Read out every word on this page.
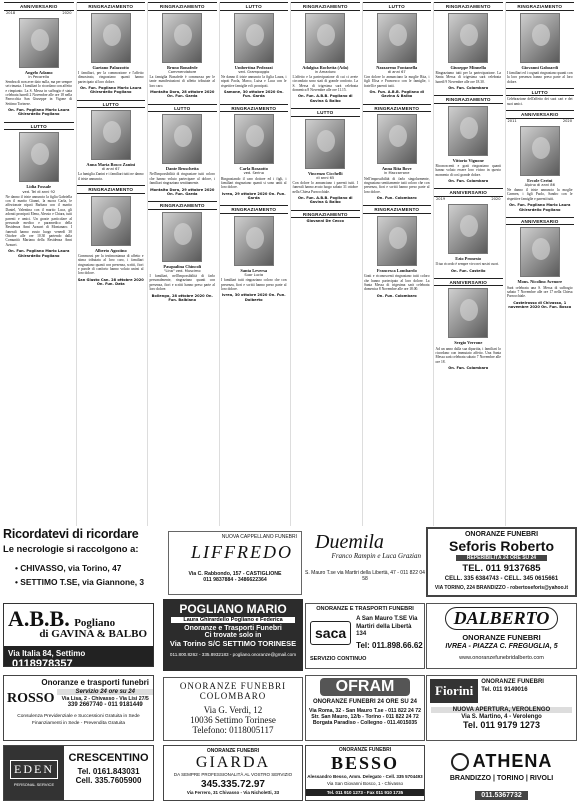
ANNIVERSARIO
2018	2020
Angelo Adamo
in Pecorella
Sembra di non aver dato nulla, ma per sempre sei rimasta. I familiari lo ricordano con affetto e rimpianto. La S. Messa in suffragio è stata celebrata lunedì 2 Novembre alle ore 18 nella Parrocchia San Giuseppe in Vigone di Settimo Torinese.
On. Fun. Pogliano Mario Laura Ghirardello Pogliano
LUTTO
Lidia Fossale
ved. Tel di anni 92
Ne danno il triste annuncio la figlia Gabriella con il marito Gianni, la nuora Carla, le affezionate nipoti Barbara con il marito Daniel, Valentina con il marito Luca, gli adorati pronipoti Elena, Alessio e Chiara, tutti parenti e amici. Un grazie particolare al personale medico e paramedico della Residenza Anni Azzurri di Montanaro. I funerali hanno avuto luogo venerdì 30 Ottobre alle ore 10.30 partendo dalla Comunità Mariana della Residenza Anni Azzurri.
On. Fun. Pogliano Mario Laura Ghirardello Pogliano
RINGRAZIAMENTO
Gaetano Palazzotto
I familiari, per la commozione e l'affetto dimostrato, ringraziano quanti hanno partecipato al loro dolore.
On. Fun. Pogliano Mario Laura Ghirardello Pogliano
LUTTO
Anna Maria Bosco Zanini
di anni 67
La famiglia Zanini e i familiari tutti ne danno il triste annuncio.
RINGRAZIAMENTO
Alberto Agostino
Commossi per la testimonianza di affetto e stima tributata al loro caro, i familiari ringraziano quanti con presenza, scritti, fiori e parole di conforto hanno voluto unirsi al loro dolore.
San Giusto Can. 28 ottobre 2020 On. Fun. Data
RINGRAZIAMENTO
Bruno Bonafede
Commendatore
La famiglia Bonafede è commossa per le tante manifestazioni di affetto tributate al loro caro.
Montalto Dora, 28 ottobre 2020 On. Fun. Garda
LUTTO
Dante Bruschetta
Nell'impossibilità di ringraziare tutti coloro che hanno voluto partecipare al dolore, i familiari ringraziano sentitamente.
Montalto Dora, 29 ottobre 2020 On. Fun. Garda
RINGRAZIAMENTO
Pasqualina Chincoli
"Lina" ved. Muscimo
I familiari, nell'impossibilità di farlo personalmente, ringraziano quanti con presenza, fiori e scritti hanno preso parte al loro dolore.
Bollengo, 28 ottobre 2020 On. Fun. Balbiano
LUTTO
Umbertina Pedrazzi
ved. Grampoggio
Ne danno il triste annuncio la figlia Laura, i nipoti Paola, Marco, Luisa e Luca con le rispettive famiglie ed i pronipoti.
Samone, 30 ottobre 2020 On. Fun. Garda
RINGRAZIAMENTO
Carla Rosaotto
ved. Serino
Ringraziando il caro dottore ed i figli, i familiari ringraziano quanti si sono uniti al loro dolore.
Ivrea, 29 ottobre 2020 On. Fun. Garda
RINGRAZIAMENTO
Santa Leversa
Suor Lucia
I familiari tutti ringraziano coloro che con presenza, fiori e scritti hanno preso parte al loro dolore.
Ivrea, 30 ottobre 2020 On. Fun. Dolberto
RINGRAZIAMENTO
Adalgisa Rochetta (Ada)
in Amaduro
L'affetto e la partecipazione di cui ci avete circondato sono stati di grande conforto. La S. Messa di trigesima sarà celebrata domenica 8 Novembre alle ore 11.15.
On. Fun. A.B.B. Pogliano di Gavina & Balbo
LUTTO
Vincenzo Cicchelli
di anni 65
Con dolore lo annunciano i parenti tutti. I funerali hanno avuto luogo sabato 31 ottobre nella Chiesa Parrocchiale.
On. Fun. A.B.B. Pogliano di Gavina & Balbo
RINGRAZIAMENTO
Giovanni De Cecco
LUTTO
Nazzareno Fontanella
di anni 67
Con dolore lo annunciano la moglie Rita, i figli Elisa e Francesco con le famiglie, i fratelli e parenti tutti.
On. Fun. A.B.B. Pogliano di Gavina & Balbo
RINGRAZIAMENTO
Anna Rita Bove
in Maccarrone
Nell'impossibilità di farlo singolarmente, ringraziano sentitamente tutti coloro che con presenza, fiori e scritti hanno preso parte al loro dolore.
On. Fun. Colombaro
RINGRAZIAMENTO
Francesca Lombardo
Grati e riconoscenti ringraziano tutti coloro che hanno partecipato al loro dolore. La Santa Messa di trigesima sarà celebrata domenica 8 Novembre alle ore 18.00.
On. Fun. Colombaro
RINGRAZIAMENTO
Giuseppe Minnella
Ringraziamo tutti per la partecipazione. La Santa Messa di trigesima sarà celebrata lunedì 9 Novembre alle ore 18.30.
On. Fun. Colombaro
RINGRAZIAMENTO
Vittorio Vignone
Riconoscenti e grati ringraziano quanti hanno voluto essere loro vicino in questo momento di così grande dolore.
On. Fun. Colombaro
ANNIVERSARIO
2019	2020
Ezio Pronesto
Il tuo ricordo è sempre vivo nei nostri cuori.
On. Fun. Castello
ANNIVERSARIO
Sergio Verrone
Ad un anno dalla sua dipartita, i familiari lo ricordano con immutato affetto. Una Santa Messa sarà celebrata sabato 7 Novembre alle ore 18.
On. Fun. Colombaro
RINGRAZIAMENTO
Giovanni Gaboardi
I familiari ed i cognati ringraziano quanti con la loro presenza hanno preso parte al loro dolore.
LUTTO
Celebrazione dell'affetto dei suoi cari e dei suoi amici.
ANNIVERSARIO
2011	2020
Ercole Cerini
Alpino di anni 86
Ne danno il triste annuncio la moglie Carmen, i figli Paolo, Sandro con le rispettive famiglie e parenti tutti.
On. Fun. Pogliano Mario Laura Ghirardello Pogliano
ANNIVERSARIO
Mons. Nicolino Avenore
Sarà celebrata una S. Messa di suffragio sabato 7 Novembre alle ore 17 nella Chiesa Parrocchiale.
Castelrosso di Chivasso, 1 novembre 2020 On. Fun. Bosco
Ricordatevi di ricordare
Le necrologie si raccolgono a:
• CHIVASSO, via Torino, 47
• SETTIMO T.SE, via Giannone, 3
NUOVA CAPPELLANO FUNEBRI
LIFFREDO
Via C. Rabbondo, 157 - CASTIGLIONE
011 9837884 - 3486622364
Duemila
Franco Rampin e Luca Grazian
S. Mauro T.se via Martiri della Libertà, 47 - 011 822 04 58
ONORANZE FUNEBRI
Seforis Roberto
REPERIBILITÀ 24 ORE SU 24
TEL. 011 9137685
CELL. 335 6384743 - CELL. 345 0615661
VIA TORINO, 224 BRANDIZZO - robertoseforis@yahoo.it
A.B.B. Pogliano
di GAVINA & BALBO
Via Italia 84, Settimo 0118978357
POGLIANO MARIO
Laura Ghirardello Pogliano e Federica
Onoranze e Trasporti Funebri
Ci trovate solo in
Via Torino S/C SETTIMO TORINESE
011.800.8262 - 335.8932183 - pogliano.onoranze@gmail.com
ONORANZE E TRASPORTI FUNEBRI
saca
A San Mauro T.SE Via Martiri della Libertà 134
Tel: 011.898.66.62
SERVIZIO CONTINUO
DALBERTO
ONORANZE FUNEBRI
IVREA - PIAZZA C. FREGUGLIA, 5
www.onoranzefunebridalberto.com
Onoranze e trasporti funebri
ROSSO	Servizio 24 ore su 24
Via Lisa, 2 - Chivasso - Via Lisi 27/5
339 2667740 - 011 9181449
Consulenza Previdenziale e Successioni Gratuita in Sede
Finanziamenti in Sede - Prevendita Gratuita
ONORANZE FUNEBRI
COLOMBARO
Via G. Verdi, 12
10036 Settimo Torinese
Telefono: 0118005117
OFRAM
ONORANZE FUNEBRI 24 ORE SU 24
Via Roma, 32 - San Mauro T.se - 011 822 24 72
Str. San Mauro, 12/b - Torino - 011 822 24 72
Borgata Paradiso - Collegno - 011.4015035
Fiorini
ONORANZE FUNEBRI
Tel. 011 9149016
NUOVA APERTURA, VEROLENGO
Via S. Martino, 4 - Verolengo
Tel. 011 9179 1273
EDEN
PERSONAL SERVICE
CRESCENTINO
Tel. 0161.843031
Cell. 335.7605900
ONORANZE FUNEBRI
GIARDA
DA SEMPRE PROFESSIONALITÀ AL VOSTRO SERVIZIO
345.335.72.97
Via Ferrero, 31 Chivasso - Via Nicholetti, 33
ONORANZE FUNEBRI
BESSO
Alessandro Besso, Amm. Delegato - Cell. 335 5704493
Via San Giovanni Bosco, 1 - Chivasso
Tel. 011 910 1273 - Fax 011 910 1735
ATHENA
BRANDIZZO | TORINO | RIVOLI
011.5367732
